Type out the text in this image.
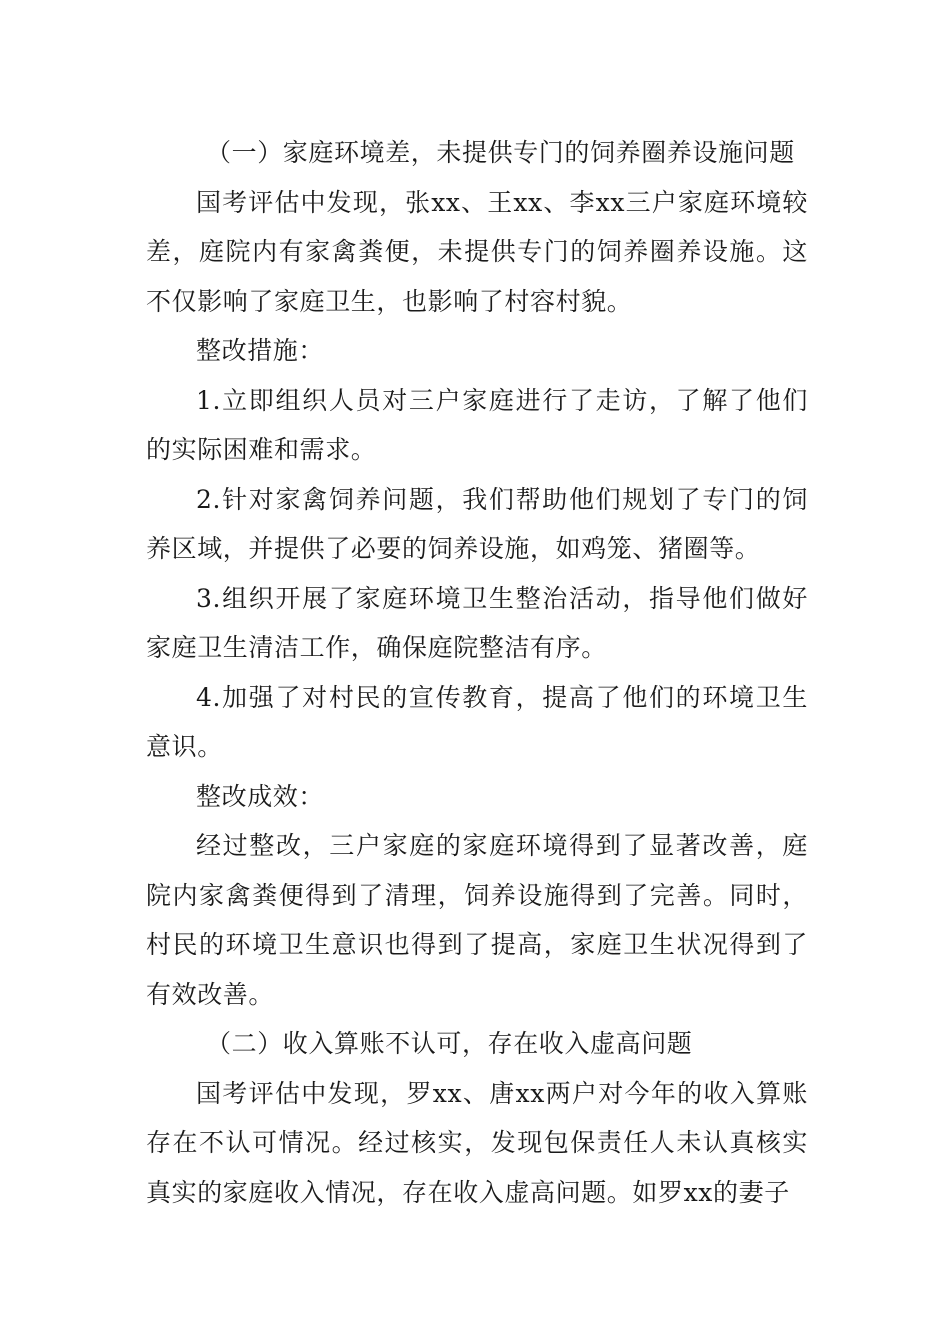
（一）家庭环境差，未提供专门的饲养圈养设施问题

国考评估中发现，张xx、王xx、李xx三户家庭环境较差，庭院内有家禽粪便，未提供专门的饲养圈养设施。这不仅影响了家庭卫生，也影响了村容村貌。

整改措施：

1.立即组织人员对三户家庭进行了走访，了解了他们的实际困难和需求。

2.针对家禽饲养问题，我们帮助他们规划了专门的饲养区域，并提供了必要的饲养设施，如鸡笼、猪圈等。

3.组织开展了家庭环境卫生整治活动，指导他们做好家庭卫生清洁工作，确保庭院整洁有序。

4.加强了对村民的宣传教育，提高了他们的环境卫生意识。

整改成效：

经过整改，三户家庭的家庭环境得到了显著改善，庭院内家禽粪便得到了清理，饲养设施得到了完善。同时，村民的环境卫生意识也得到了提高，家庭卫生状况得到了有效改善。

（二）收入算账不认可，存在收入虚高问题

国考评估中发现，罗xx、唐xx两户对今年的收入算账存在不认可情况。经过核实，发现包保责任人未认真核实真实的家庭收入情况，存在收入虚高问题。如罗xx的妻子
